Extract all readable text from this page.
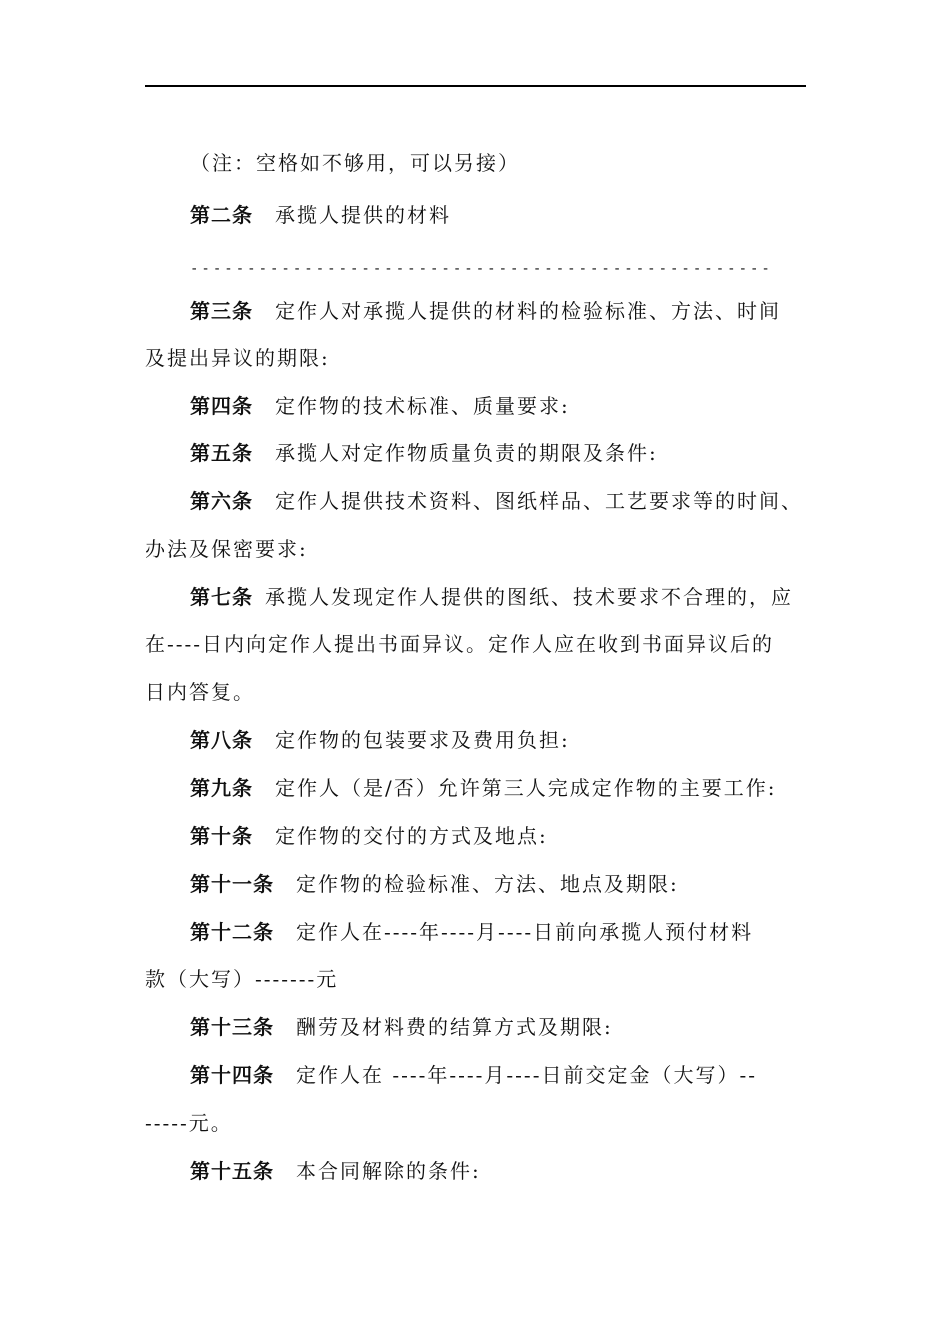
（注：空格如不够用，可以另接）
第二条 承揽人提供的材料
---------------------------------------------------
第三条 定作人对承揽人提供的材料的检验标准、方法、时间
及提出异议的期限:
第四条 定作物的技术标准、质量要求:
第五条 承揽人对定作物质量负责的期限及条件:
第六条 定作人提供技术资料、图纸样品、工艺要求等的时间、
办法及保密要求:
第七条 承揽人发现定作人提供的图纸、技术要求不合理的，应
在----日内向定作人提出书面异议。定作人应在收到书面异议后的
日内答复。
第八条 定作物的包装要求及费用负担:
第九条 定作人（是/否）允许第三人完成定作物的主要工作:
第十条 定作物的交付的方式及地点:
第十一条 定作物的检验标准、方法、地点及期限:
第十二条 定作人在----年----月----日前向承揽人预付材料
款（大写）-------元
第十三条 酬劳及材料费的结算方式及期限:
第十四条 定作人在 ----年----月----日前交定金（大写）--
-----元。
第十五条 本合同解除的条件:
